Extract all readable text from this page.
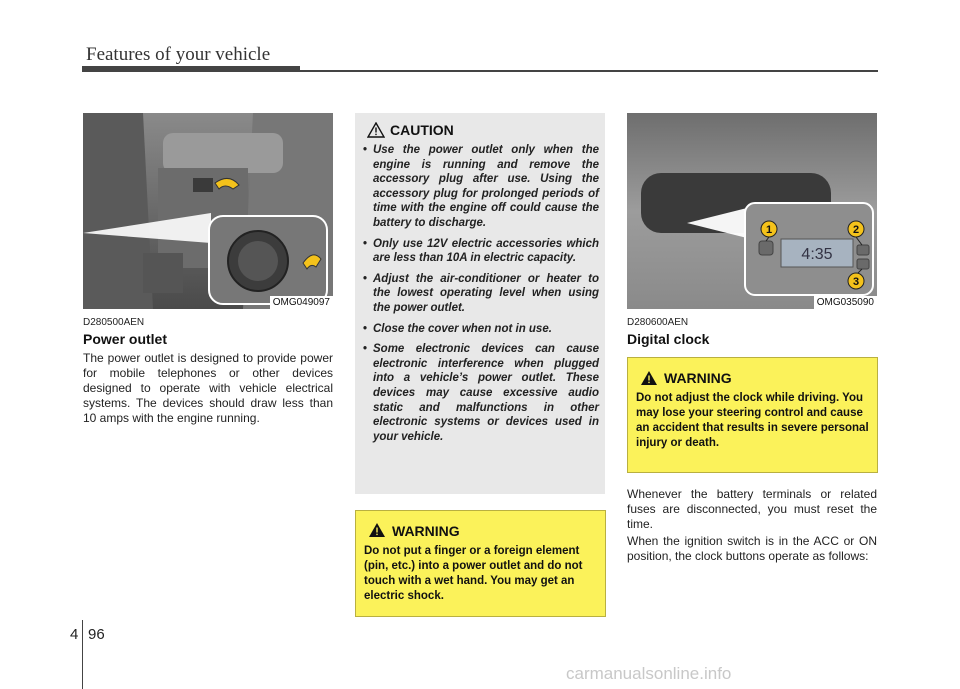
Features of your vehicle
OMG049097
D280500AEN
Power outlet
The power outlet is designed to provide power for mobile telephones or other devices designed to operate with vehicle electrical systems. The devices should draw less than 10 amps with the engine running.
CAUTION
• Use the power outlet only when the engine is running and remove the accessory plug after use. Using the accessory plug for prolonged periods of time with the engine off could cause the battery to discharge.
• Only use 12V electric accessories which are less than 10A in electric capacity.
• Adjust the air-conditioner or heater to the lowest operating level when using the power outlet.
• Close the cover when not in use.
• Some electronic devices can cause electronic interference when plugged into a vehicle’s power outlet. These devices may cause excessive audio static and malfunctions in other electronic systems or devices used in your vehicle.
WARNING
Do not put a finger or a foreign element (pin, etc.) into a power outlet and do not touch with a wet hand. You may get an electric shock.
4:35
1	2
3
OMG035090
D280600AEN
Digital clock
WARNING
Do not adjust the clock while driving. You may lose your steering control and cause an accident that results in severe personal injury or death.
Whenever the battery terminals or related fuses are disconnected, you must reset the time.
When the ignition switch is in the ACC or ON position, the clock buttons operate as follows:
4 96
carmanualsonline.info
